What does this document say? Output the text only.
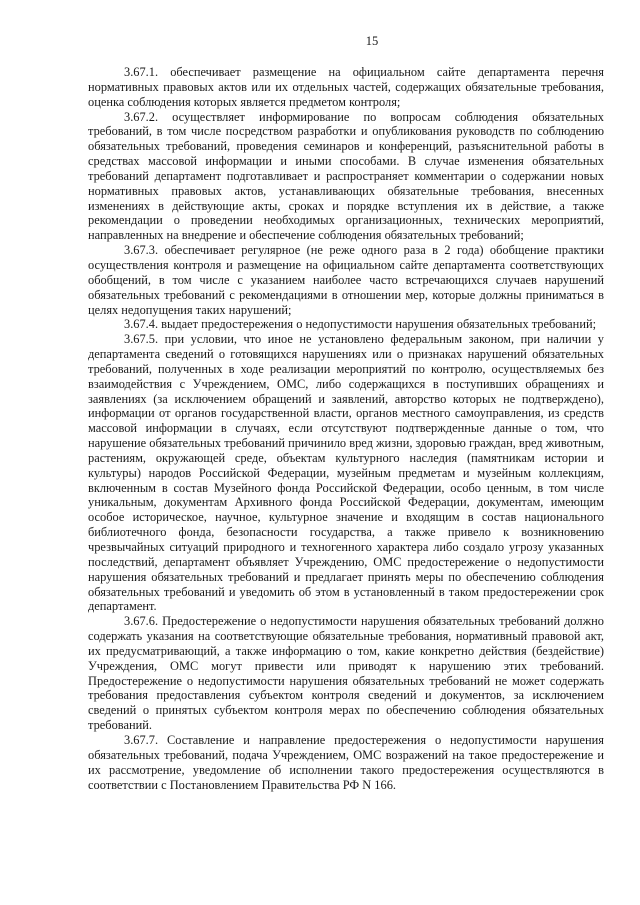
15

3.67.1. обеспечивает размещение на официальном сайте департамента перечня нормативных правовых актов или их отдельных частей, содержащих обязательные требования, оценка соблюдения которых является предметом контроля;

3.67.2. осуществляет информирование по вопросам соблюдения обязательных требований, в том числе посредством разработки и опубликования руководств по соблюдению обязательных требований, проведения семинаров и конференций, разъяснительной работы в средствах массовой информации и иными способами. В случае изменения обязательных требований департамент подготавливает и распространяет комментарии о содержании новых нормативных правовых актов, устанавливающих обязательные требования, внесенных изменениях в действующие акты, сроках и порядке вступления их в действие, а также рекомендации о проведении необходимых организационных, технических мероприятий, направленных на внедрение и обеспечение соблюдения обязательных требований;

3.67.3. обеспечивает регулярное (не реже одного раза в 2 года) обобщение практики осуществления контроля и размещение на официальном сайте департамента соответствующих обобщений, в том числе с указанием наиболее часто встречающихся случаев нарушений обязательных требований с рекомендациями в отношении мер, которые должны приниматься в целях недопущения таких нарушений;

3.67.4. выдает предостережения о недопустимости нарушения обязательных требований;

3.67.5. при условии, что иное не установлено федеральным законом, при наличии у департамента сведений о готовящихся нарушениях или о признаках нарушений обязательных требований, полученных в ходе реализации мероприятий по контролю, осуществляемых без взаимодействия с Учреждением, ОМС, либо содержащихся в поступивших обращениях и заявлениях (за исключением обращений и заявлений, авторство которых не подтверждено), информации от органов государственной власти, органов местного самоуправления, из средств массовой информации в случаях, если отсутствуют подтвержденные данные о том, что нарушение обязательных требований причинило вред жизни, здоровью граждан, вред животным, растениям, окружающей среде, объектам культурного наследия (памятникам истории и культуры) народов Российской Федерации, музейным предметам и музейным коллекциям, включенным в состав Музейного фонда Российской Федерации, особо ценным, в том числе уникальным, документам Архивного фонда Российской Федерации, документам, имеющим особое историческое, научное, культурное значение и входящим в состав национального библиотечного фонда, безопасности государства, а также привело к возникновению чрезвычайных ситуаций природного и техногенного характера либо создало угрозу указанных последствий, департамент объявляет Учреждению, ОМС предостережение о недопустимости нарушения обязательных требований и предлагает принять меры по обеспечению соблюдения обязательных требований и уведомить об этом в установленный в таком предостережении срок департамент.

3.67.6. Предостережение о недопустимости нарушения обязательных требований должно содержать указания на соответствующие обязательные требования, нормативный правовой акт, их предусматривающий, а также информацию о том, какие конкретно действия (бездействие) Учреждения, ОМС могут привести или приводят к нарушению этих требований. Предостережение о недопустимости нарушения обязательных требований не может содержать требования предоставления субъектом контроля сведений и документов, за исключением сведений о принятых субъектом контроля мерах по обеспечению соблюдения обязательных требований.

3.67.7. Составление и направление предостережения о недопустимости нарушения обязательных требований, подача Учреждением, ОМС возражений на такое предостережение и их рассмотрение, уведомление об исполнении такого предостережения осуществляются в соответствии с Постановлением Правительства РФ N 166.
